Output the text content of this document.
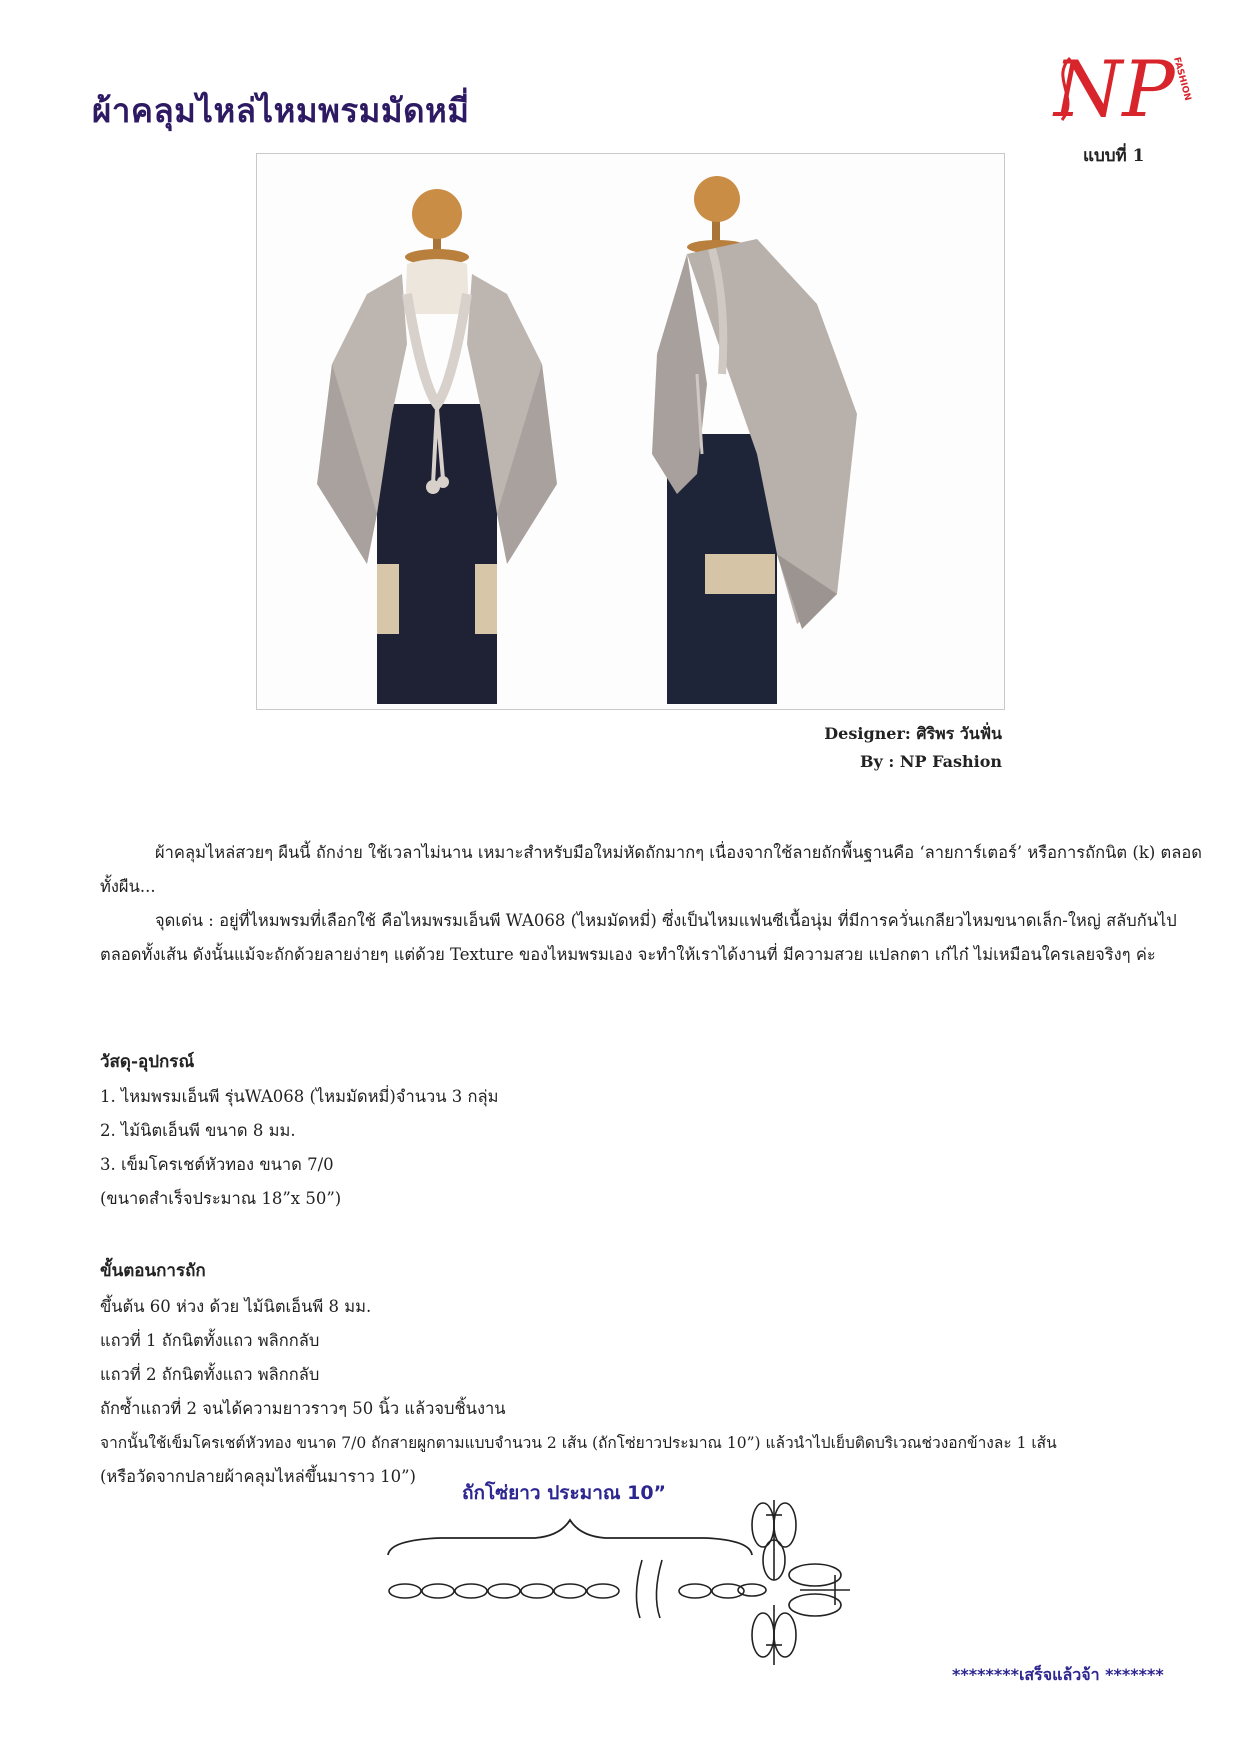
ผ้าคลุมไหล่ไหมพรมมัดหมี่	NP
FASHION
แบบที่ 1
Designer: ศิริพร วันฟั่น
By : NP Fashion

ผ้าคลุมไหล่สวยๆ ผืนนี้ ถักง่าย ใช้เวลาไม่นาน เหมาะสำหรับมือใหม่หัดถักมากๆ เนื่องจากใช้ลายถักพื้นฐานคือ ‘ลายการ์เตอร์’ หรือการถักนิต (k) ตลอดทั้งผืน...

จุดเด่น : อยู่ที่ไหมพรมที่เลือกใช้ คือไหมพรมเอ็นพี WA068 (ไหมมัดหมี่) ซึ่งเป็นไหมแฟนซีเนื้อนุ่ม ที่มีการควั่นเกลียวไหมขนาดเล็ก-ใหญ่ สลับกันไปตลอดทั้งเส้น ดังนั้นแม้จะถักด้วยลายง่ายๆ แต่ด้วย Texture ของไหมพรมเอง จะทำให้เราได้งานที่ มีความสวย แปลกตา เก๋ไก๋ ไม่เหมือนใครเลยจริงๆ ค่ะ

วัสดุ-อุปกรณ์
1. ไหมพรมเอ็นพี รุ่นWA068 (ไหมมัดหมี่)จำนวน 3 กลุ่ม
2. ไม้นิตเอ็นพี ขนาด 8 มม.
3. เข็มโครเชต์หัวทอง ขนาด 7/0
(ขนาดสำเร็จประมาณ 18”x 50”)
ขั้นตอนการถัก
ขึ้นต้น 60 ห่วง ด้วย ไม้นิตเอ็นพี 8 มม.
แถวที่ 1 ถักนิตทั้งแถว พลิกกลับ
แถวที่ 2 ถักนิตทั้งแถว พลิกกลับ
ถักซ้ำแถวที่ 2 จนได้ความยาวราวๆ 50 นิ้ว แล้วจบชิ้นงาน
จากนั้นใช้เข็มโครเชต์หัวทอง ขนาด 7/0 ถักสายผูกตามแบบจำนวน 2 เส้น (ถักโซ่ยาวประมาณ 10”) แล้วนำไปเย็บติดบริเวณช่วงอกข้างละ 1 เส้น
(หรือวัดจากปลายผ้าคลุมไหล่ขึ้นมาราว 10”)
ถักโซ่ยาว ประมาณ 10”
********เสร็จแล้วจ้า *******
